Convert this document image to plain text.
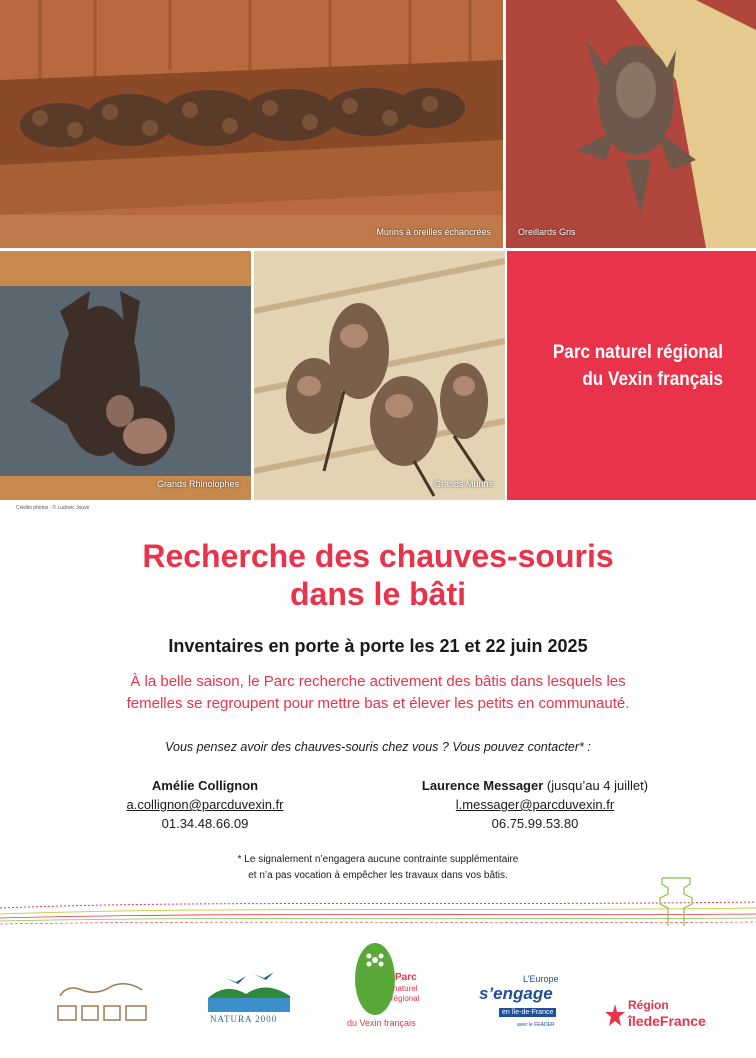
Murins à oreilles échancrées	Oreillards Gris
Grands Rhinolophes	Grands Murins
Parc naturel régional
du Vexin français
Crédits photos : © Ludovic Jouve
Recherche des chauves-souris
dans le bâti
Inventaires en porte à porte les 21 et 22 juin 2025
À la belle saison, le Parc recherche activement des bâtis dans lesquels les
femelles se regroupent pour mettre bas et élever les petits en communauté.
Vous pensez avoir des chauves-souris chez vous ? Vous pouvez contacter* :
Amélie Collignon
a.collignon@parcduvexin.fr
01.34.48.66.09
Laurence Messager (jusqu’au 4 juillet)
l.messager@parcduvexin.fr
06.75.99.53.80
* Le signalement n’engagera aucune contrainte supplémentaire
et n’a pas vocation à empêcher les travaux dans vos bâtis.
NATURA 2000
Parc
naturel
régional
du Vexin français
L’Europe
s’engage
en Île-de-France
avec le FEADER
Région
îledeFrance
